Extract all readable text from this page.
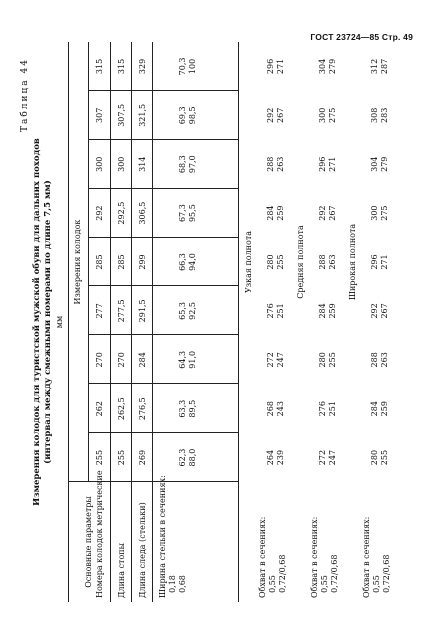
ГОСТ 23724—85 Стр. 49
Таблица 44
Измерения колодок для туристской мужской обуви для дальних походов (интервал между смежными номерами по длине 7,5 мм) мм
Основные параметры
Измерения колодок
Номера колодок метрические Длина стопы Длина следа (стельки) Ширина стельки в сечениях:
0,18
0,68
Узкая полнота
Обхват в сечениях:
0,55
0,72/0,68
Средняя полнота
Обхват в сечениях:
0,55
0,72/0,68
Широкая полнота
Обхват в сечениях:
0,55
0,72/0,68
255
262
270
277
285
292
300
307
315
255
262,5
270
277,5
285
292,5
300
307,5
315
269
276,5
284
291,5
299
306,5
314
321,5
329
62,3
88,0
63,3
89,5
64,3
91,0
65,3
92,5
66,3
94,0
67,3
95,5
68,3
97,0
69,3
98,5
70,3
100
264
239
268
243
272
247
276
251
280
255
284
259
288
263
292
267
296
271
272
247
276
251
280
255
284
259
288
263
292
267
296
271
300
275
304
279
280
255
284
259
288
263
292
267
296
271
300
275
304
279
308
283
312
287
